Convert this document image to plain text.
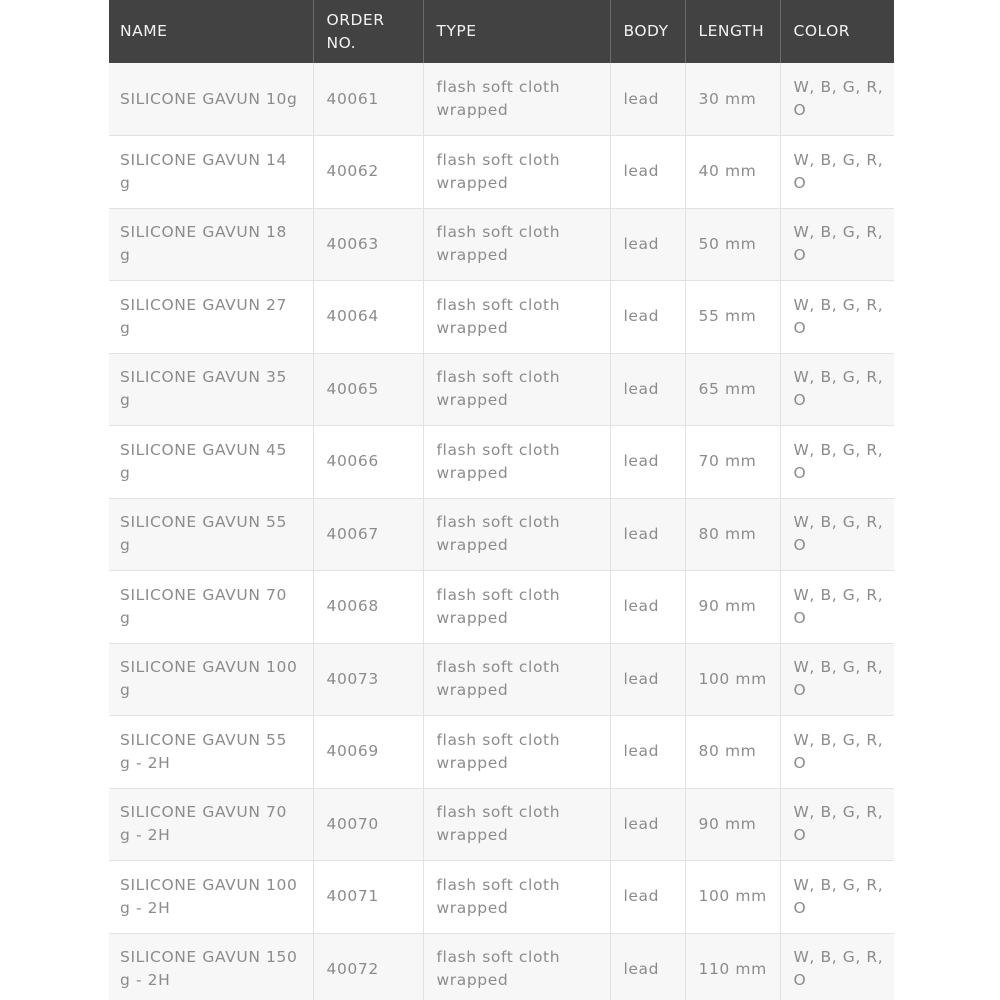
NAME	ORDER NO.	TYPE	BODY	LENGTH	COLOR
SILICONE GAVUN 10g	40061	flash soft cloth wrapped	lead	30 mm	W, B, G, R, O
SILICONE GAVUN 14 g	40062	flash soft cloth wrapped	lead	40 mm	W, B, G, R, O
SILICONE GAVUN 18 g	40063	flash soft cloth wrapped	lead	50 mm	W, B, G, R, O
SILICONE GAVUN 27 g	40064	flash soft cloth wrapped	lead	55 mm	W, B, G, R, O
SILICONE GAVUN 35 g	40065	flash soft cloth wrapped	lead	65 mm	W, B, G, R, O
SILICONE GAVUN 45 g	40066	flash soft cloth wrapped	lead	70 mm	W, B, G, R, O
SILICONE GAVUN 55 g	40067	flash soft cloth wrapped	lead	80 mm	W, B, G, R, O
SILICONE GAVUN 70 g	40068	flash soft cloth wrapped	lead	90 mm	W, B, G, R, O
SILICONE GAVUN 100 g	40073	flash soft cloth wrapped	lead	100 mm	W, B, G, R, O
SILICONE GAVUN 55 g - 2H	40069	flash soft cloth wrapped	lead	80 mm	W, B, G, R, O
SILICONE GAVUN 70 g - 2H	40070	flash soft cloth wrapped	lead	90 mm	W, B, G, R, O
SILICONE GAVUN 100 g - 2H	40071	flash soft cloth wrapped	lead	100 mm	W, B, G, R, O
SILICONE GAVUN 150 g - 2H	40072	flash soft cloth wrapped	lead	110 mm	W, B, G, R, O
